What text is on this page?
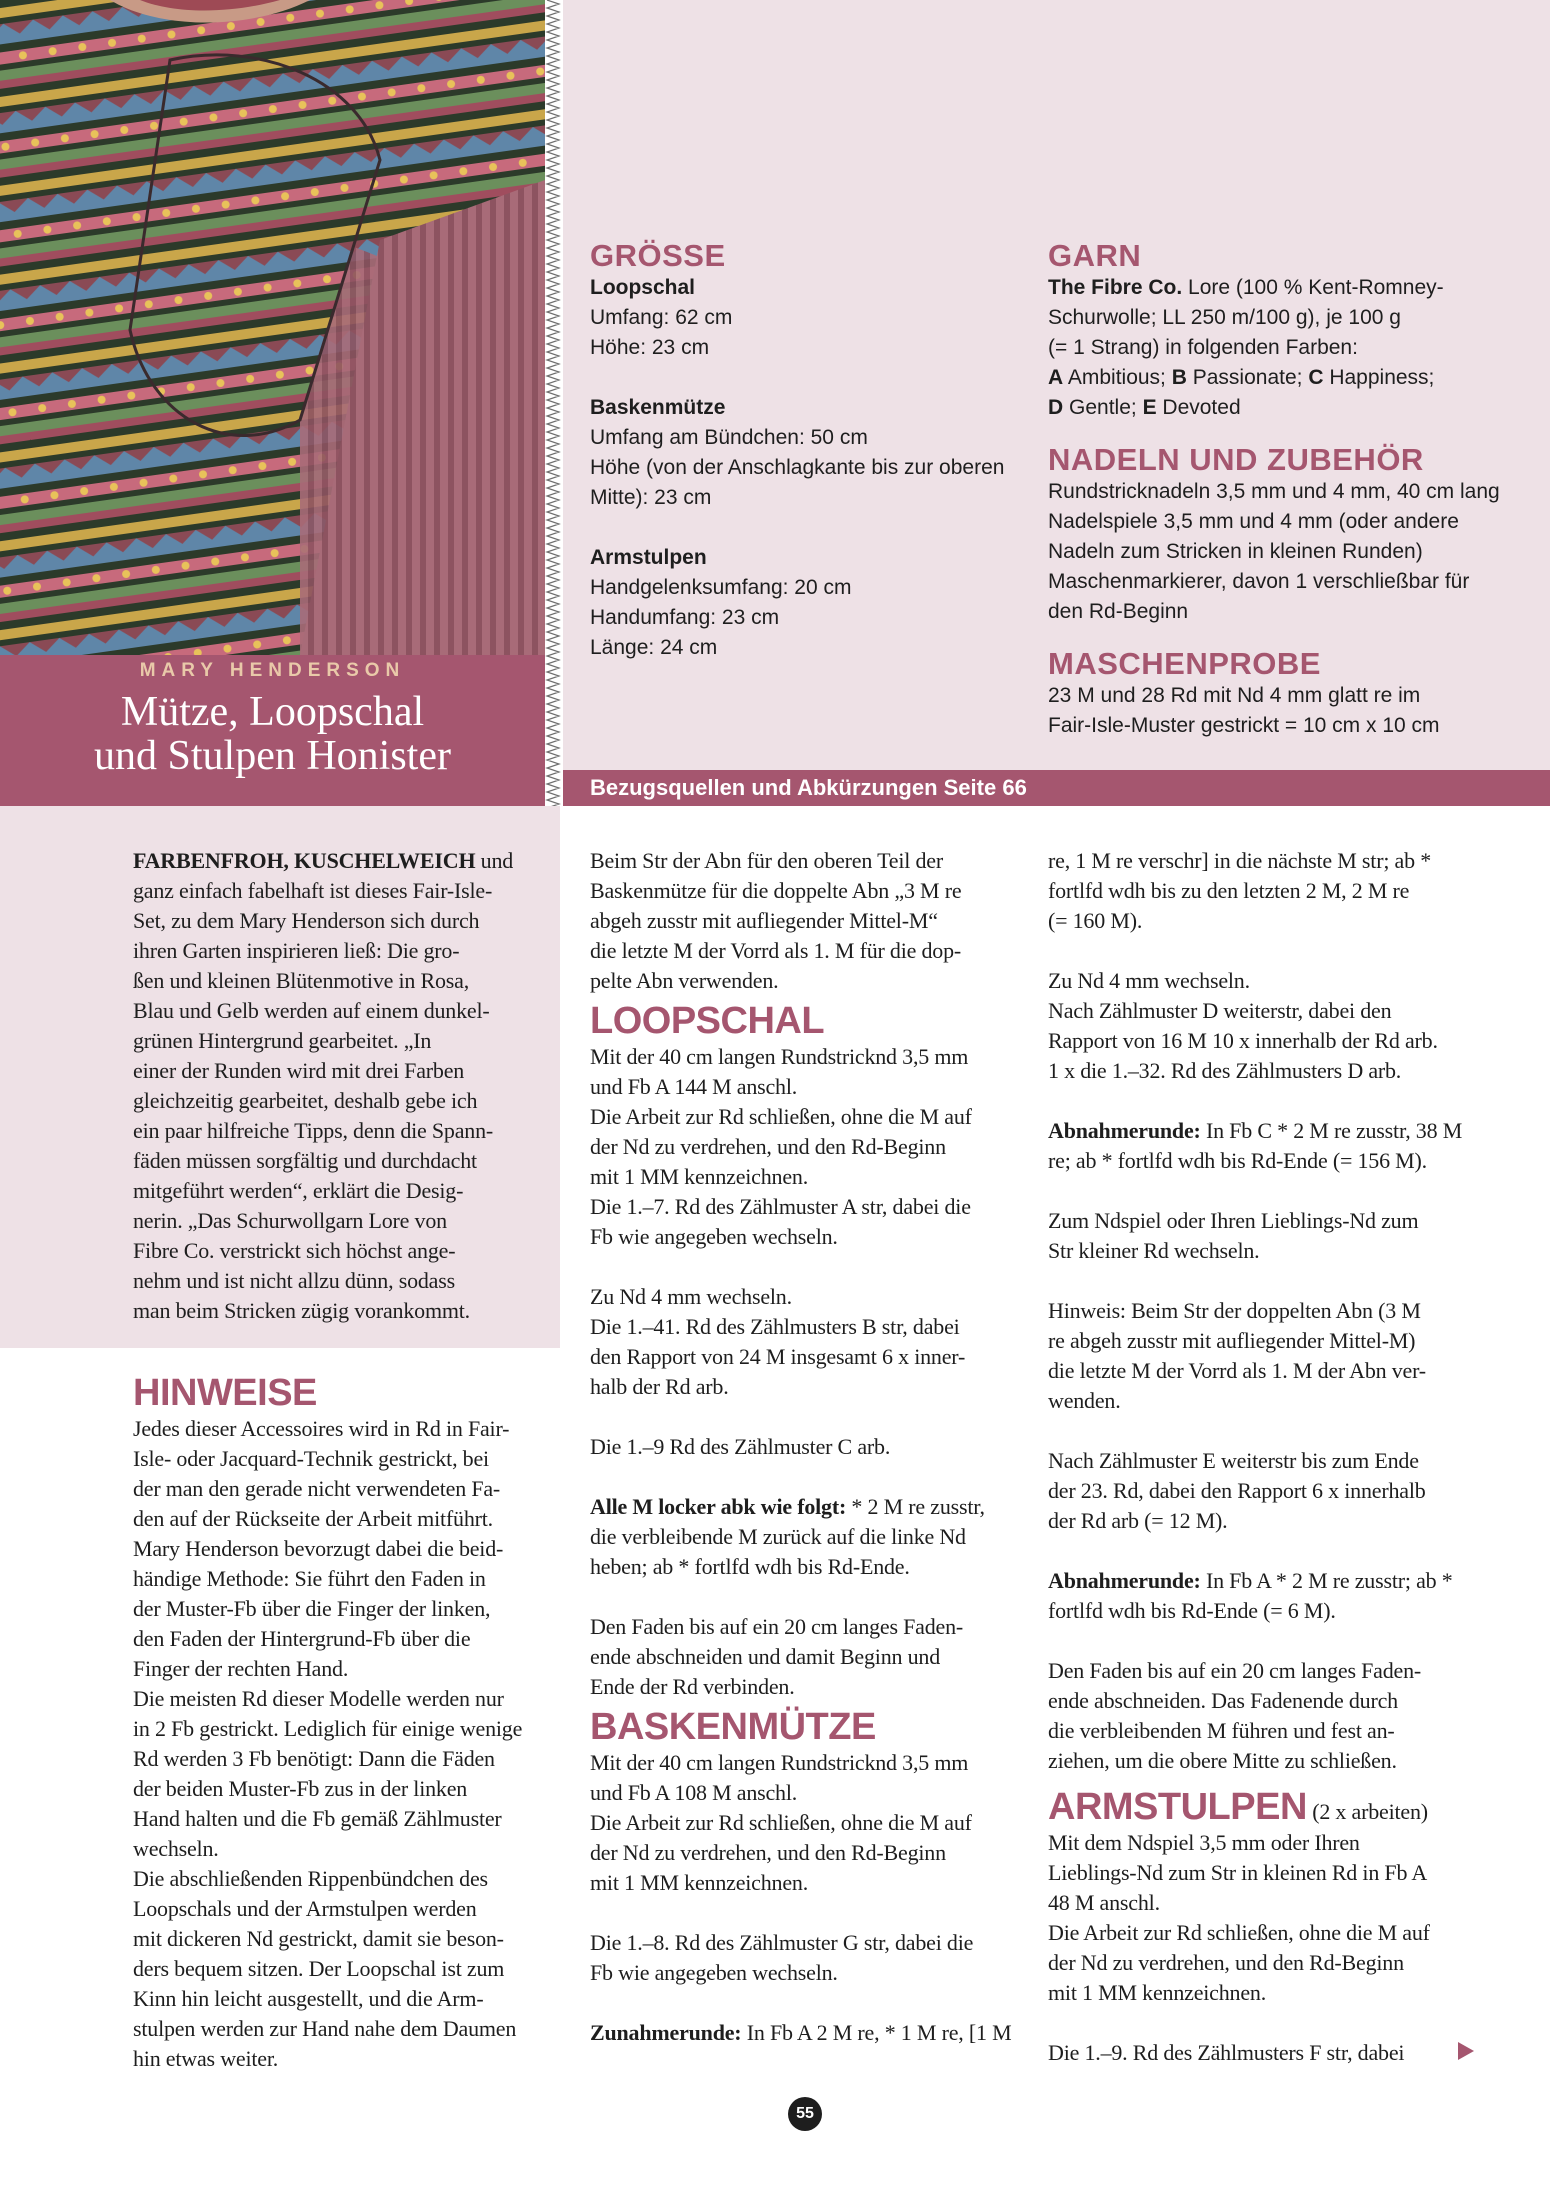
MARY HENDERSON
Mütze, Loopschal
und Stulpen Honister
Bezugsquellen und Abkürzungen Seite 66
GRÖSSE

Loopschal

Umfang: 62 cm

Höhe: 23 cm

Baskenmütze

Umfang am Bündchen: 50 cm

Höhe (von der Anschlagkante bis zur oberen

Mitte): 23 cm

Armstulpen

Handgelenksumfang: 20 cm

Handumfang: 23 cm

Länge: 24 cm

GARN

The Fibre Co. Lore (100 % Kent-Romney-

Schurwolle; LL 250 m/100 g), je 100 g

(= 1 Strang) in folgenden Farben:

A Ambitious; B Passionate; C Happiness;

D Gentle; E Devoted

NADELN UND ZUBEHÖR

Rundstricknadeln 3,5 mm und 4 mm, 40 cm lang

Nadelspiele 3,5 mm und 4 mm (oder andere

Nadeln zum Stricken in kleinen Runden)

Maschenmarkierer, davon 1 verschließbar für

den Rd-Beginn

MASCHENPROBE

23 M und 28 Rd mit Nd 4 mm glatt re im

Fair-Isle-Muster gestrickt = 10 cm x 10 cm

FARBENFROH, KUSCHELWEICH und

ganz einfach fabelhaft ist dieses Fair-Isle-

Set, zu dem Mary Henderson sich durch

ihren Garten inspirieren ließ: Die gro-

ßen und kleinen Blütenmotive in Rosa,

Blau und Gelb werden auf einem dunkel-

grünen Hintergrund gearbeitet. „In

einer der Runden wird mit drei Farben

gleichzeitig gearbeitet, deshalb gebe ich

ein paar hilfreiche Tipps, denn die Spann-

fäden müssen sorgfältig und durchdacht

mitgeführt werden“, erklärt die Desig-

nerin. „Das Schurwollgarn Lore von

Fibre Co. verstrickt sich höchst ange-

nehm und ist nicht allzu dünn, sodass

man beim Stricken zügig vorankommt.

HINWEISE

Jedes dieser Accessoires wird in Rd in Fair-

Isle- oder Jacquard-Technik gestrickt, bei

der man den gerade nicht verwendeten Fa-

den auf der Rückseite der Arbeit mitführt.

Mary Henderson bevorzugt dabei die beid-

händige Methode: Sie führt den Faden in

der Muster-Fb über die Finger der linken,

den Faden der Hintergrund-Fb über die

Finger der rechten Hand.

Die meisten Rd dieser Modelle werden nur

in 2 Fb gestrickt. Lediglich für einige wenige

Rd werden 3 Fb benötigt: Dann die Fäden

der beiden Muster-Fb zus in der linken

Hand halten und die Fb gemäß Zählmuster

wechseln.

Die abschließenden Rippenbündchen des

Loopschals und der Armstulpen werden

mit dickeren Nd gestrickt, damit sie beson-

ders bequem sitzen. Der Loopschal ist zum

Kinn hin leicht ausgestellt, und die Arm-

stulpen werden zur Hand nahe dem Daumen

hin etwas weiter.

Beim Str der Abn für den oberen Teil der

Baskenmütze für die doppelte Abn „3 M re

abgeh zusstr mit aufliegender Mittel-M“

die letzte M der Vorrd als 1. M für die dop-

pelte Abn verwenden.

LOOPSCHAL

Mit der 40 cm langen Rundstricknd 3,5 mm

und Fb A 144 M anschl.

Die Arbeit zur Rd schließen, ohne die M auf

der Nd zu verdrehen, und den Rd-Beginn

mit 1 MM kennzeichnen.

Die 1.–7. Rd des Zählmuster A str, dabei die

Fb wie angegeben wechseln.

Zu Nd 4 mm wechseln.

Die 1.–41. Rd des Zählmusters B str, dabei

den Rapport von 24 M insgesamt 6 x inner-

halb der Rd arb.

Die 1.–9 Rd des Zählmuster C arb.

Alle M locker abk wie folgt: * 2 M re zusstr,

die verbleibende M zurück auf die linke Nd

heben; ab * fortlfd wdh bis Rd-Ende.

Den Faden bis auf ein 20 cm langes Faden-

ende abschneiden und damit Beginn und

Ende der Rd verbinden.

BASKENMÜTZE

Mit der 40 cm langen Rundstricknd 3,5 mm

und Fb A 108 M anschl.

Die Arbeit zur Rd schließen, ohne die M auf

der Nd zu verdrehen, und den Rd-Beginn

mit 1 MM kennzeichnen.

Die 1.–8. Rd des Zählmuster G str, dabei die

Fb wie angegeben wechseln.

Zunahmerunde: In Fb A 2 M re, * 1 M re, [1 M

re, 1 M re verschr] in die nächste M str; ab *

fortlfd wdh bis zu den letzten 2 M, 2 M re

(= 160 M).

Zu Nd 4 mm wechseln.

Nach Zählmuster D weiterstr, dabei den

Rapport von 16 M 10 x innerhalb der Rd arb.

1 x die 1.–32. Rd des Zählmusters D arb.

Abnahmerunde: In Fb C * 2 M re zusstr, 38 M

re; ab * fortlfd wdh bis Rd-Ende (= 156 M).

Zum Ndspiel oder Ihren Lieblings-Nd zum

Str kleiner Rd wechseln.

Hinweis: Beim Str der doppelten Abn (3 M

re abgeh zusstr mit aufliegender Mittel-M)

die letzte M der Vorrd als 1. M der Abn ver-

wenden.

Nach Zählmuster E weiterstr bis zum Ende

der 23. Rd, dabei den Rapport 6 x innerhalb

der Rd arb (= 12 M).

Abnahmerunde: In Fb A * 2 M re zusstr; ab *

fortlfd wdh bis Rd-Ende (= 6 M).

Den Faden bis auf ein 20 cm langes Faden-

ende abschneiden. Das Fadenende durch

die verbleibenden M führen und fest an-

ziehen, um die obere Mitte zu schließen.

ARMSTULPEN (2 x arbeiten)

Mit dem Ndspiel 3,5 mm oder Ihren

Lieblings-Nd zum Str in kleinen Rd in Fb A

48 M anschl.

Die Arbeit zur Rd schließen, ohne die M auf

der Nd zu verdrehen, und den Rd-Beginn

mit 1 MM kennzeichnen.

Die 1.–9. Rd des Zählmusters F str, dabei

55
